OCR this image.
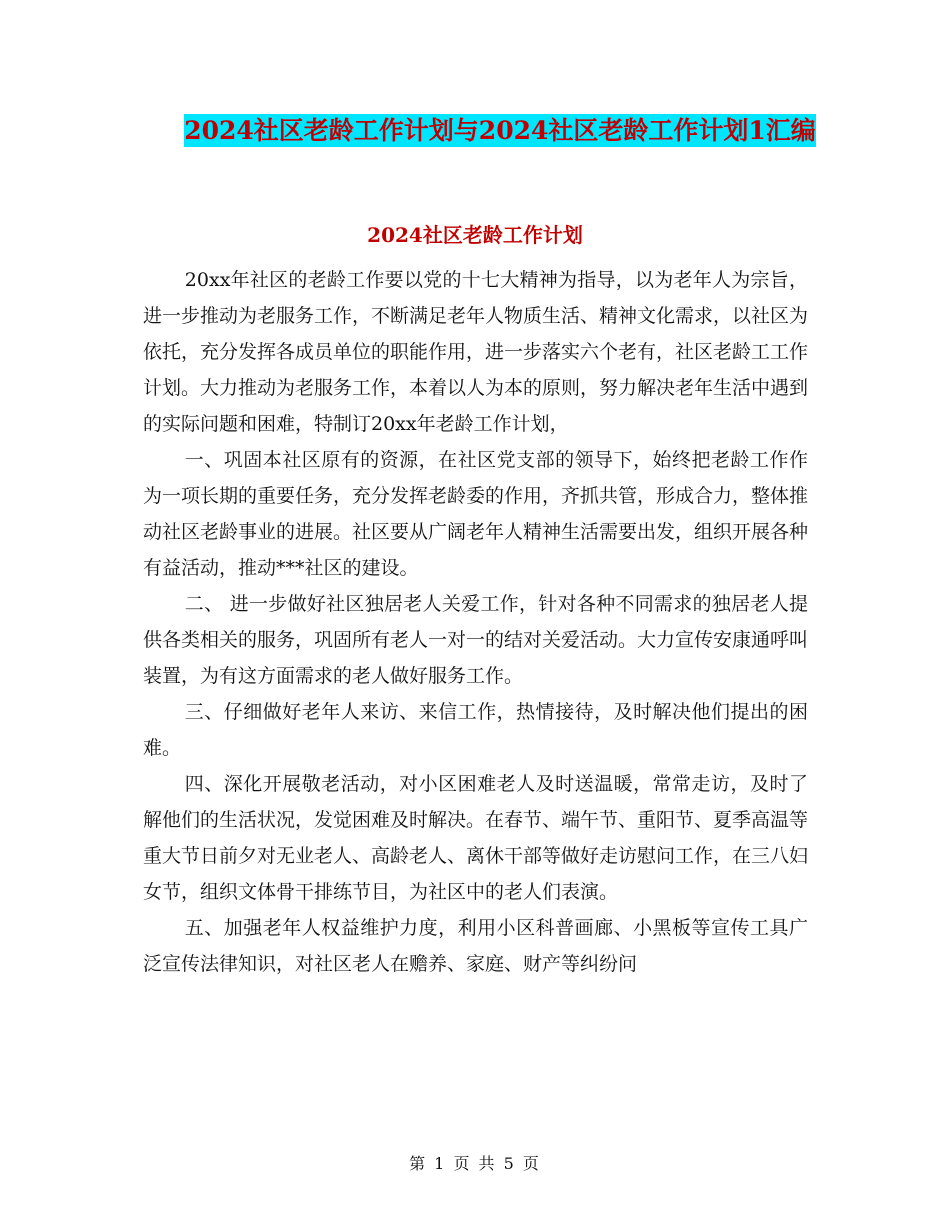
2024社区老龄工作计划与2024社区老龄工作计划1汇编
2024社区老龄工作计划

20xx年社区的老龄工作要以党的十七大精神为指导，以为老年人为宗旨，进一步推动为老服务工作，不断满足老年人物质生活、精神文化需求，以社区为依托，充分发挥各成员单位的职能作用，进一步落实六个老有，社区老龄工工作计划。大力推动为老服务工作，本着以人为本的原则，努力解决老年生活中遇到的实际问题和困难，特制订20xx年老龄工作计划，

一、巩固本社区原有的资源，在社区党支部的领导下，始终把老龄工作作为一项长期的重要任务，充分发挥老龄委的作用，齐抓共管，形成合力，整体推动社区老龄事业的进展。社区要从广阔老年人精神生活需要出发，组织开展各种有益活动，推动***社区的建设。

二、 进一步做好社区独居老人关爱工作，针对各种不同需求的独居老人提供各类相关的服务，巩固所有老人一对一的结对关爱活动。大力宣传安康通呼叫装置，为有这方面需求的老人做好服务工作。

三、仔细做好老年人来访、来信工作，热情接待，及时解决他们提出的困难。

四、深化开展敬老活动，对小区困难老人及时送温暖，常常走访，及时了解他们的生活状况，发觉困难及时解决。在春节、端午节、重阳节、夏季高温等重大节日前夕对无业老人、高龄老人、离休干部等做好走访慰问工作，在三八妇女节，组织文体骨干排练节目，为社区中的老人们表演。

五、加强老年人权益维护力度，利用小区科普画廊、小黑板等宣传工具广泛宣传法律知识，对社区老人在赡养、家庭、财产等纠纷问

第 1 页 共 5 页
